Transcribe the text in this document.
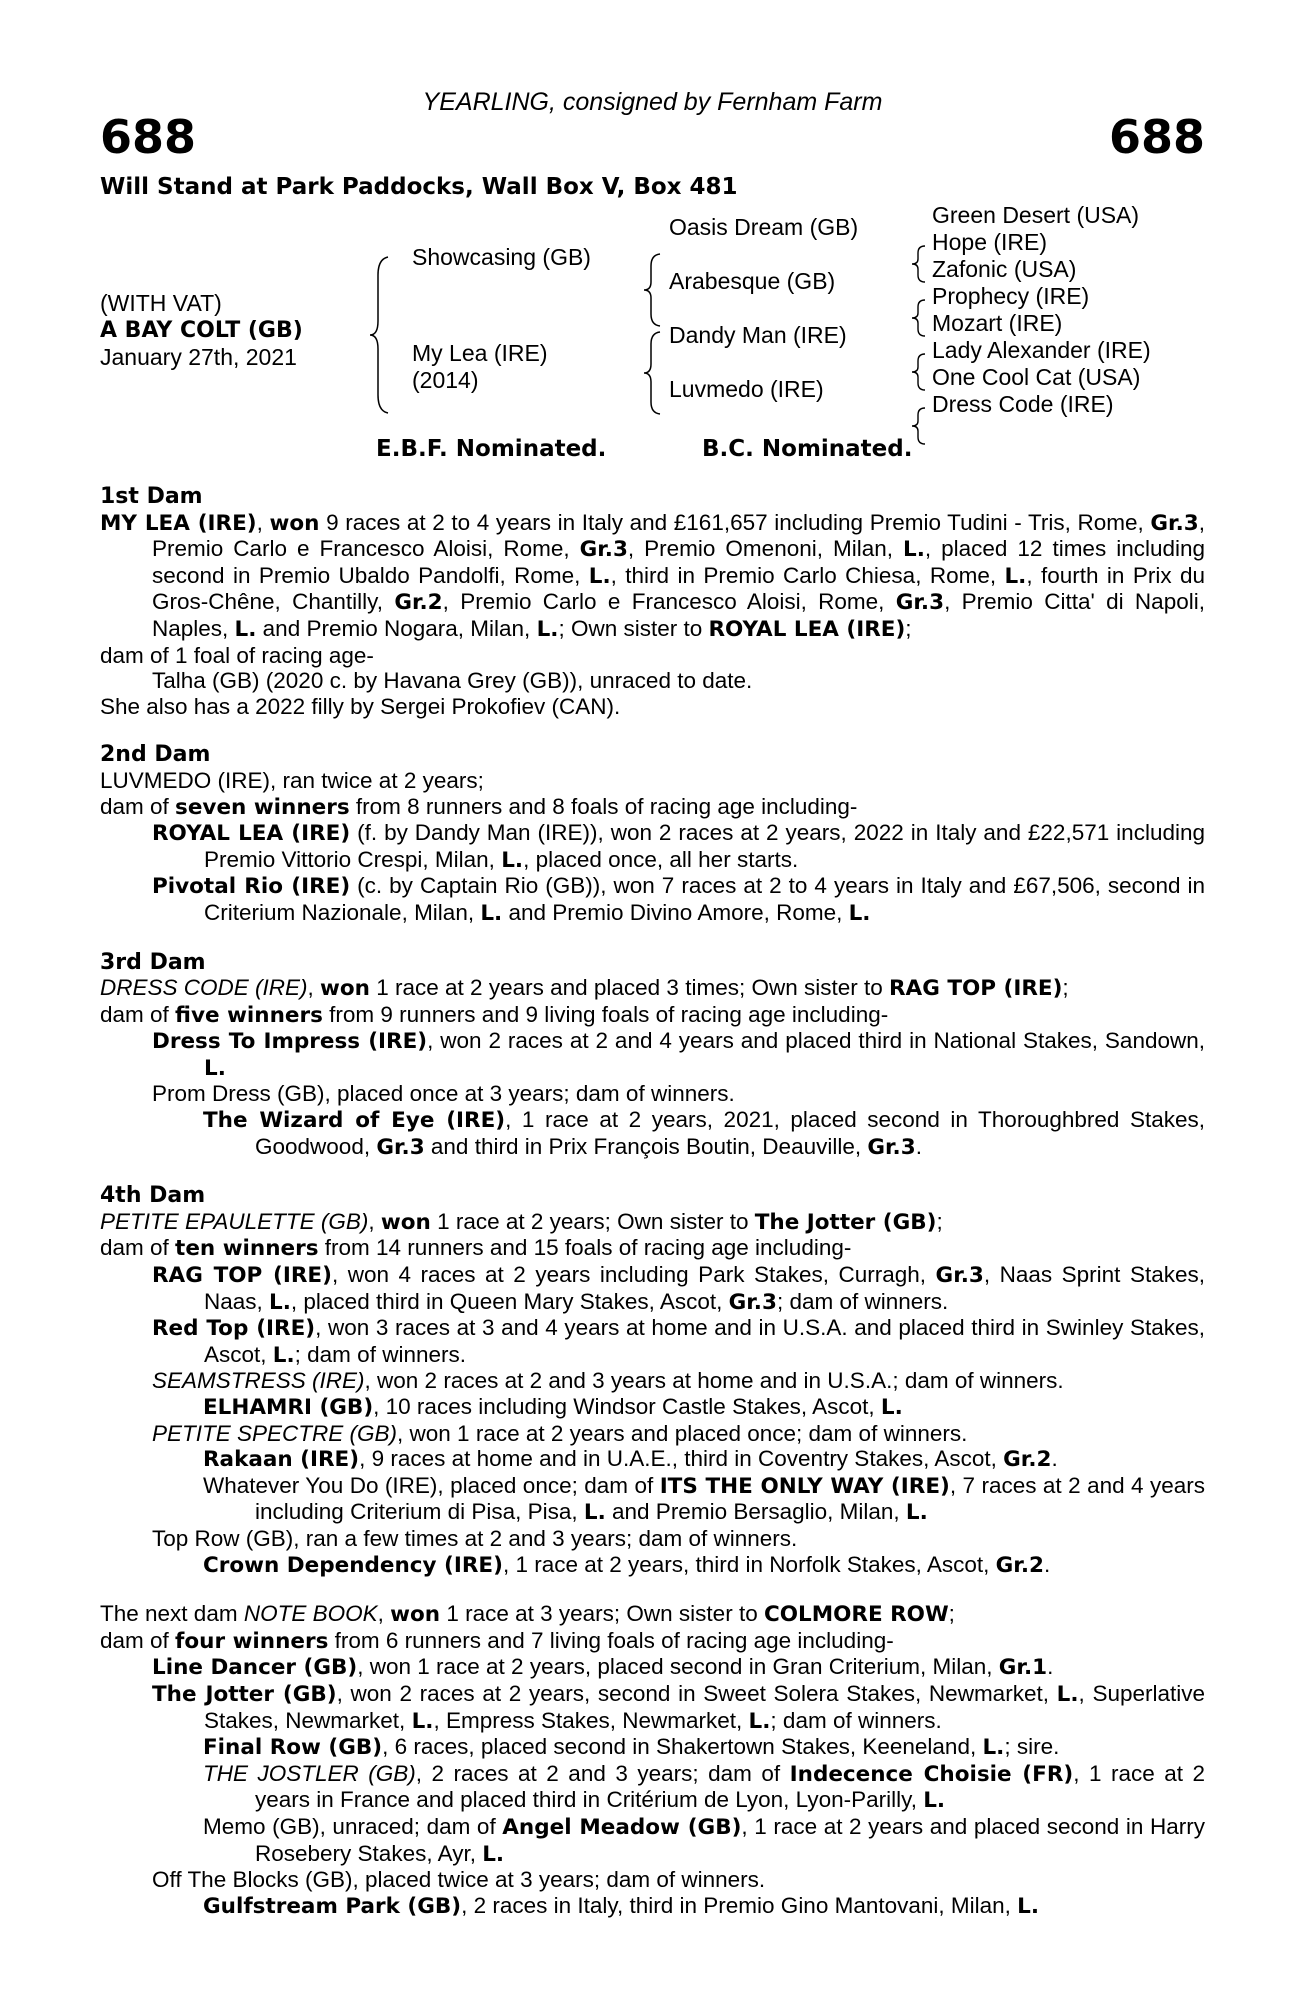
YEARLING, consigned by Fernham Farm
688	688
Will Stand at Park Paddocks, Wall Box V, Box 481
(WITH VAT)
A BAY COLT (GB)
January 27th, 2021
Showcasing (GB)
My Lea (IRE)
(2014)
Oasis Dream (GB)
Arabesque (GB)
Dandy Man (IRE)
Luvmedo (IRE)
Green Desert (USA)
Hope (IRE)
Zafonic (USA)
Prophecy (IRE)
Mozart (IRE)
Lady Alexander (IRE)
One Cool Cat (USA)
Dress Code (IRE)
E.B.F. Nominated.	B.C. Nominated.

1st Dam

MY LEA (IRE), won 9 races at 2 to 4 years in Italy and £161,657 including Premio Tudini - Tris, Rome, Gr.3, Premio Carlo e Francesco Aloisi, Rome, Gr.3, Premio Omenoni, Milan, L., placed 12 times including second in Premio Ubaldo Pandolfi, Rome, L., third in Premio Carlo Chiesa, Rome, L., fourth in Prix du Gros-Chêne, Chantilly, Gr.2, Premio Carlo e Francesco Aloisi, Rome, Gr.3, Premio Citta' di Napoli, Naples, L. and Premio Nogara, Milan, L.; Own sister to ROYAL LEA (IRE);

dam of 1 foal of racing age-

Talha (GB) (2020 c. by Havana Grey (GB)), unraced to date.

She also has a 2022 filly by Sergei Prokofiev (CAN).

2nd Dam

LUVMEDO (IRE), ran twice at 2 years;

dam of seven winners from 8 runners and 8 foals of racing age including-

ROYAL LEA (IRE) (f. by Dandy Man (IRE)), won 2 races at 2 years, 2022 in Italy and £22,571 including Premio Vittorio Crespi, Milan, L., placed once, all her starts.

Pivotal Rio (IRE) (c. by Captain Rio (GB)), won 7 races at 2 to 4 years in Italy and £67,506, second in Criterium Nazionale, Milan, L. and Premio Divino Amore, Rome, L.

3rd Dam

DRESS CODE (IRE), won 1 race at 2 years and placed 3 times; Own sister to RAG TOP (IRE);

dam of five winners from 9 runners and 9 living foals of racing age including-

Dress To Impress (IRE), won 2 races at 2 and 4 years and placed third in National Stakes, Sandown, L.

Prom Dress (GB), placed once at 3 years; dam of winners.

The Wizard of Eye (IRE), 1 race at 2 years, 2021, placed second in Thoroughbred Stakes, Goodwood, Gr.3 and third in Prix François Boutin, Deauville, Gr.3.

4th Dam

PETITE EPAULETTE (GB), won 1 race at 2 years; Own sister to The Jotter (GB);

dam of ten winners from 14 runners and 15 foals of racing age including-

RAG TOP (IRE), won 4 races at 2 years including Park Stakes, Curragh, Gr.3, Naas Sprint Stakes, Naas, L., placed third in Queen Mary Stakes, Ascot, Gr.3; dam of winners.

Red Top (IRE), won 3 races at 3 and 4 years at home and in U.S.A. and placed third in Swinley Stakes, Ascot, L.; dam of winners.

SEAMSTRESS (IRE), won 2 races at 2 and 3 years at home and in U.S.A.; dam of winners.

ELHAMRI (GB), 10 races including Windsor Castle Stakes, Ascot, L.

PETITE SPECTRE (GB), won 1 race at 2 years and placed once; dam of winners.

Rakaan (IRE), 9 races at home and in U.A.E., third in Coventry Stakes, Ascot, Gr.2.

Whatever You Do (IRE), placed once; dam of ITS THE ONLY WAY (IRE), 7 races at 2 and 4 years including Criterium di Pisa, Pisa, L. and Premio Bersaglio, Milan, L.

Top Row (GB), ran a few times at 2 and 3 years; dam of winners.

Crown Dependency (IRE), 1 race at 2 years, third in Norfolk Stakes, Ascot, Gr.2.

The next dam NOTE BOOK, won 1 race at 3 years; Own sister to COLMORE ROW;

dam of four winners from 6 runners and 7 living foals of racing age including-

Line Dancer (GB), won 1 race at 2 years, placed second in Gran Criterium, Milan, Gr.1.

The Jotter (GB), won 2 races at 2 years, second in Sweet Solera Stakes, Newmarket, L., Superlative Stakes, Newmarket, L., Empress Stakes, Newmarket, L.; dam of winners.

Final Row (GB), 6 races, placed second in Shakertown Stakes, Keeneland, L.; sire.

THE JOSTLER (GB), 2 races at 2 and 3 years; dam of Indecence Choisie (FR), 1 race at 2 years in France and placed third in Critérium de Lyon, Lyon-Parilly, L.

Memo (GB), unraced; dam of Angel Meadow (GB), 1 race at 2 years and placed second in Harry Rosebery Stakes, Ayr, L.

Off The Blocks (GB), placed twice at 3 years; dam of winners.

Gulfstream Park (GB), 2 races in Italy, third in Premio Gino Mantovani, Milan, L.
